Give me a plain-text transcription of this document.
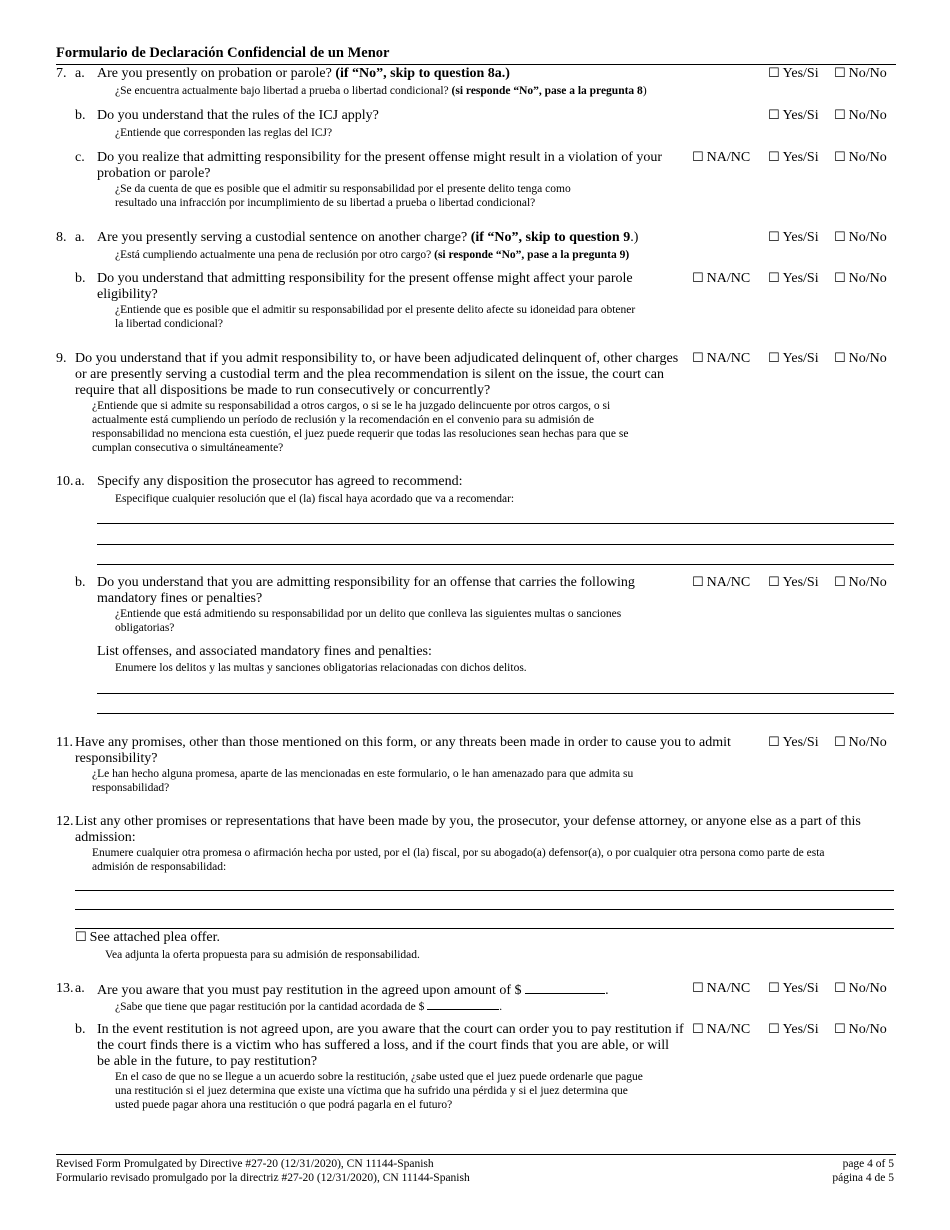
Formulario de Declaración Confidencial de un Menor
7. a. Are you presently on probation or parole? (if “No”, skip to question 8a.)
¿Se encuentra actualmente bajo libertad a prueba o libertad condicional? (si responde “No”, pase a la pregunta 8)
☐ Yes/Si ☐ No/No
b. Do you understand that the rules of the ICJ apply?
¿Entiende que corresponden las reglas del ICJ?
☐ Yes/Si ☐ No/No
c. Do you realize that admitting responsibility for the present offense might result in a violation of your
probation or parole?
¿Se da cuenta de que es posible que el admitir su responsabilidad por el presente delito tenga como
resultado una infracción por incumplimiento de su libertad a prueba o libertad condicional?
☐ NA/NC ☐ Yes/Si ☐ No/No
8. a. Are you presently serving a custodial sentence on another charge? (if “No”, skip to question 9.)
¿Está cumpliendo actualmente una pena de reclusión por otro cargo? (si responde “No”, pase a la pregunta 9)
☐ Yes/Si ☐ No/No
b. Do you understand that admitting responsibility for the present offense might affect your parole
eligibility?
¿Entiende que es posible que el admitir su responsabilidad por el presente delito afecte su idoneidad para obtener
la libertad condicional?
☐ NA/NC ☐ Yes/Si ☐ No/No
9. Do you understand that if you admit responsibility to, or have been adjudicated delinquent of, other charges
or are presently serving a custodial term and the plea recommendation is silent on the issue, the court can
require that all dispositions be made to run consecutively or concurrently?
¿Entiende que si admite su responsabilidad a otros cargos, o si se le ha juzgado delincuente por otros cargos, o si
actualmente está cumpliendo un período de reclusión y la recomendación en el convenio para su admisión de
responsabilidad no menciona esta cuestión, el juez puede requerir que todas las resoluciones sean hechas para que se
cumplan consecutiva o simultáneamente?
☐ NA/NC ☐ Yes/Si ☐ No/No
10. a. Specify any disposition the prosecutor has agreed to recommend:
Especifique cualquier resolución que el (la) fiscal haya acordado que va a recomendar:
b. Do you understand that you are admitting responsibility for an offense that carries the following
mandatory fines or penalties?
¿Entiende que está admitiendo su responsabilidad por un delito que conlleva las siguientes multas o sanciones
obligatorias?
☐ NA/NC ☐ Yes/Si ☐ No/No
List offenses, and associated mandatory fines and penalties:
Enumere los delitos y las multas y sanciones obligatorias relacionadas con dichos delitos.
11. Have any promises, other than those mentioned on this form, or any threats been made in order to cause you to admit
responsibility?
¿Le han hecho alguna promesa, aparte de las mencionadas en este formulario, o le han amenazado para que admita su
responsabilidad?
☐ Yes/Si ☐ No/No
12. List any other promises or representations that have been made by you, the prosecutor, your defense attorney, or anyone else as a part of this
admission:
Enumere cualquier otra promesa o afirmación hecha por usted, por el (la) fiscal, por su abogado(a) defensor(a), o por cualquier otra persona como parte de esta
admisión de responsabilidad:
☐ See attached plea offer.
Vea adjunta la oferta propuesta para su admisión de responsabilidad.
13. a. Are you aware that you must pay restitution in the agreed upon amount of $	.
¿Sabe que tiene que pagar restitución por la cantidad acordada de $	.
☐ NA/NC ☐ Yes/Si ☐ No/No
b. In the event restitution is not agreed upon, are you aware that the court can order you to pay restitution if
the court finds there is a victim who has suffered a loss, and if the court finds that you are able, or will
be able in the future, to pay restitution?
En el caso de que no se llegue a un acuerdo sobre la restitución, ¿sabe usted que el juez puede ordenarle que pague
una restitución si el juez determina que existe una víctima que ha sufrido una pérdida y si el juez determina que
usted puede pagar ahora una restitución o que podrá pagarla en el futuro?
☐ NA/NC ☐ Yes/Si ☐ No/No
Revised Form Promulgated by Directive #27-20 (12/31/2020), CN 11144-Spanish
Formulario revisado promulgado por la directriz #27-20 (12/31/2020), CN 11144-Spanish
page 4 of 5
página 4 de 5
